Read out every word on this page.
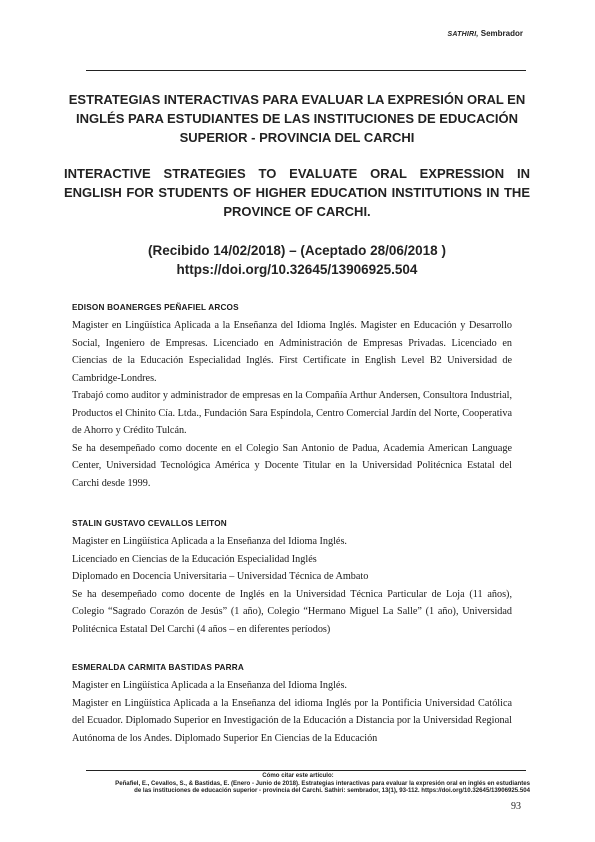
SATHIRI, Sembrador
ESTRATEGIAS INTERACTIVAS PARA EVALUAR LA EXPRESIÓN ORAL EN INGLÉS PARA ESTUDIANTES DE LAS INSTITUCIONES DE EDUCACIÓN SUPERIOR - PROVINCIA DEL CARCHI
INTERACTIVE STRATEGIES TO EVALUATE ORAL EXPRESSION IN ENGLISH FOR STUDENTS OF HIGHER EDUCATION INSTITUTIONS IN THE PROVINCE OF CARCHI.
(Recibido 14/02/2018) – (Aceptado 28/06/2018 )
https://doi.org/10.32645/13906925.504
EDISON BOANERGES PEÑAFIEL ARCOS

Magister en Lingüística Aplicada a la Enseñanza del Idioma Inglés. Magister en Educación y Desarrollo Social, Ingeniero de Empresas. Licenciado en Administración de Empresas Privadas. Licenciado en Ciencias de la Educación Especialidad Inglés. First Certificate in English Level B2 Universidad de Cambridge-Londres.

Trabajó como auditor y administrador de empresas en la Compañía Arthur Andersen, Consultora Industrial, Productos el Chinito Cía. Ltda., Fundación Sara Espíndola, Centro Comercial Jardín del Norte, Cooperativa de Ahorro y Crédito Tulcán.

Se ha desempeñado como docente en el Colegio San Antonio de Padua, Academia American Language Center, Universidad Tecnológica América y Docente Titular en la Universidad Politécnica Estatal del Carchi desde 1999.

STALIN GUSTAVO CEVALLOS LEITON

Magister en Lingüística Aplicada a la Enseñanza del Idioma Inglés.

Licenciado en Ciencias de la Educación Especialidad Inglés

Diplomado en Docencia Universitaria – Universidad Técnica de Ambato

Se ha desempeñado como docente de Inglés en la Universidad Técnica Particular de Loja (11 años), Colegio “Sagrado Corazón de Jesús” (1 año), Colegio “Hermano Miguel La Salle” (1 año), Universidad Politécnica Estatal Del Carchi (4 años – en diferentes períodos)

ESMERALDA CARMITA BASTIDAS PARRA

Magister en Lingüística Aplicada a la Enseñanza del Idioma Inglés.

Magister en Lingüística Aplicada a la Enseñanza del idioma Inglés por la Pontificia Universidad Católica del Ecuador. Diplomado Superior en Investigación de la Educación a Distancia por la Universidad Regional Autónoma de los Andes. Diplomado Superior En Ciencias de la Educación

Cómo citar este artículo:
Peñafiel, E., Cevallos, S., & Bastidas, E. (Enero - Junio de 2018). Estrategias interactivas para evaluar la expresión oral en inglés en estudiantes
de las instituciones de educación superior - provincia del Carchi. Sathiri: sembrador, 13(1), 93-112. https://doi.org/10.32645/13906925.504
93
